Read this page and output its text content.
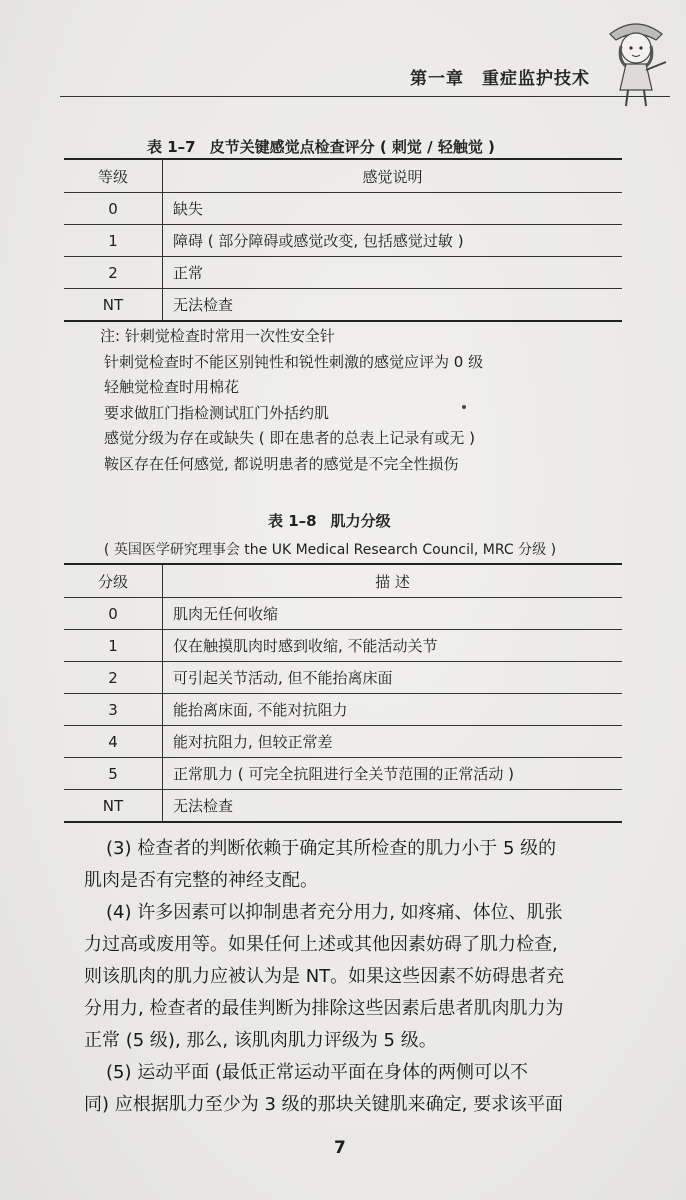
第一章 重症监护技术
表 1–7 皮节关键感觉点检查评分 ( 刺觉 / 轻触觉 )
等级	感觉说明
0	缺失
1	障碍 ( 部分障碍或感觉改变, 包括感觉过敏 )
2	正常
NT	无法检查
注: 针刺觉检查时常用一次性安全针
针刺觉检查时不能区别钝性和锐性刺激的感觉应评为 0 级
轻触觉检查时用棉花
要求做肛门指检测试肛门外括约肌
感觉分级为存在或缺失 ( 即在患者的总表上记录有或无 )
鞍区存在任何感觉, 都说明患者的感觉是不完全性损伤
表 1–8 肌力分级
( 英国医学研究理事会 the UK Medical Research Council, MRC 分级 )
分级	描 述
0	肌肉无任何收缩
1	仅在触摸肌肉时感到收缩, 不能活动关节
2	可引起关节活动, 但不能抬离床面
3	能抬离床面, 不能对抗阻力
4	能对抗阻力, 但较正常差
5	正常肌力 ( 可完全抗阻进行全关节范围的正常活动 )
NT	无法检查

(3) 检查者的判断依赖于确定其所检查的肌力小于 5 级的
肌肉是否有完整的神经支配。

(4) 许多因素可以抑制患者充分用力, 如疼痛、体位、肌张
力过高或废用等。如果任何上述或其他因素妨碍了肌力检查,
则该肌肉的肌力应被认为是 NT。如果这些因素不妨碍患者充
分用力, 检查者的最佳判断为排除这些因素后患者肌肉肌力为
正常 (5 级), 那么, 该肌肉肌力评级为 5 级。

(5) 运动平面 (最低正常运动平面在身体的两侧可以不
同) 应根据肌力至少为 3 级的那块关键肌来确定, 要求该平面

7
